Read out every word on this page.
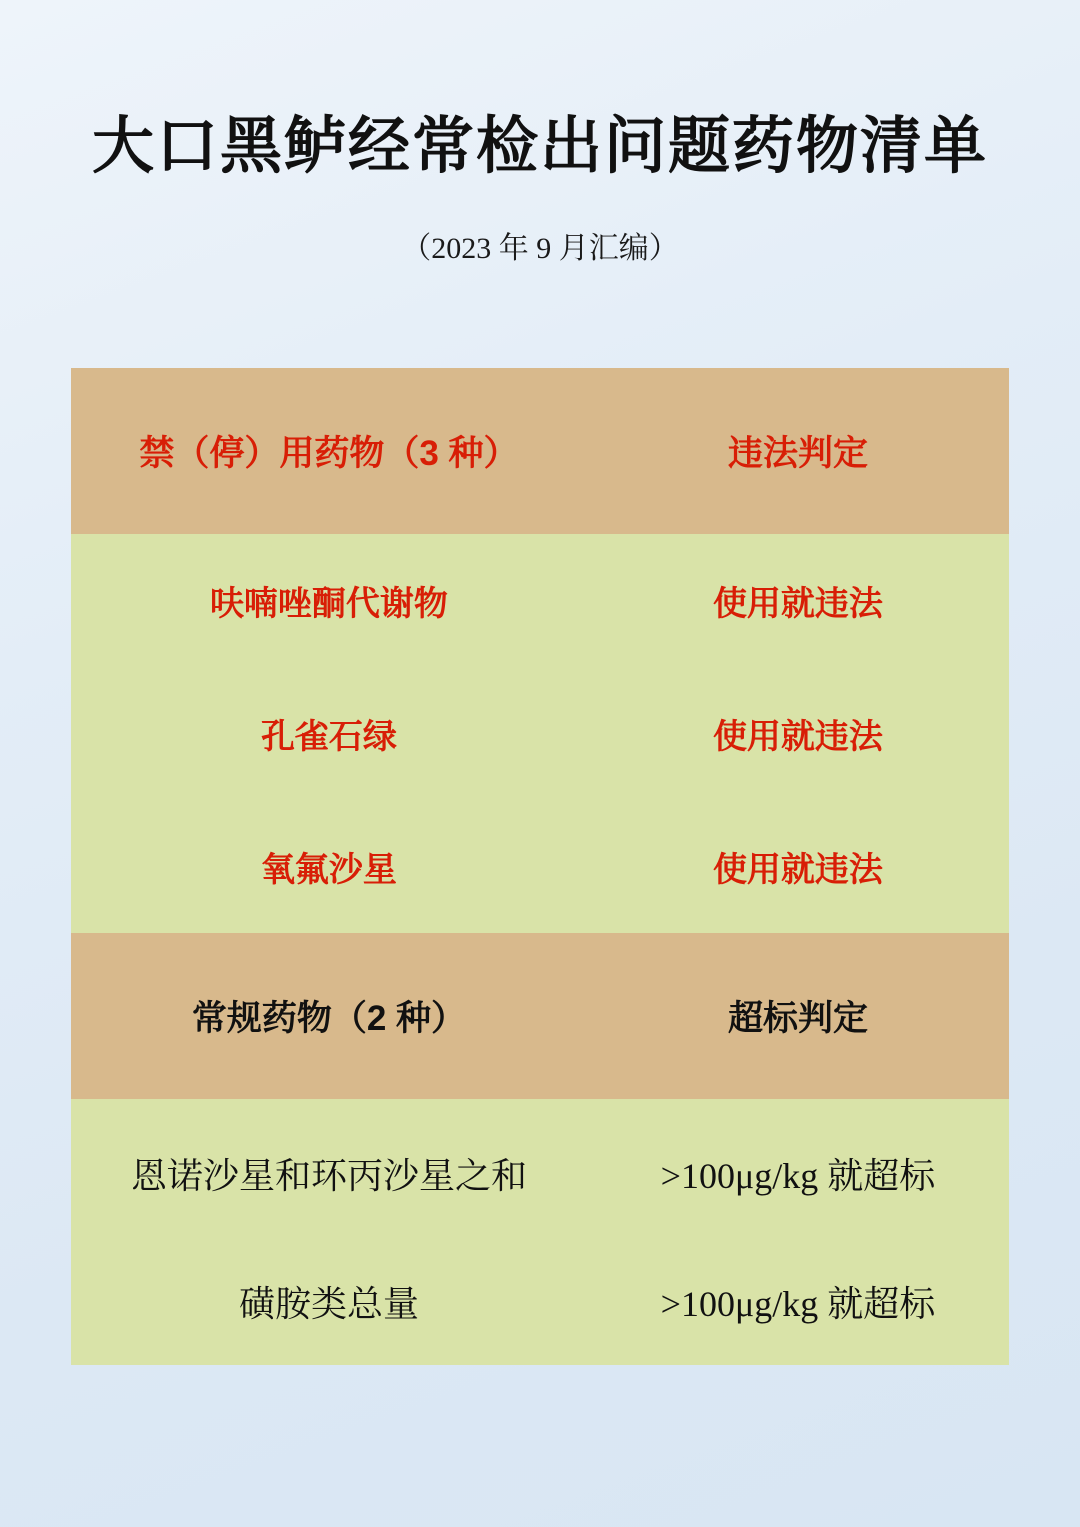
大口黑鲈经常检出问题药物清单

（2023 年 9 月汇编）

禁（停）用药物（3 种）	违法判定

呋喃唑酮代谢物	使用就违法

孔雀石绿	使用就违法

氧氟沙星	使用就违法

常规药物（2 种）	超标判定

恩诺沙星和环丙沙星之和	>100μg/kg 就超标

磺胺类总量	>100μg/kg 就超标
